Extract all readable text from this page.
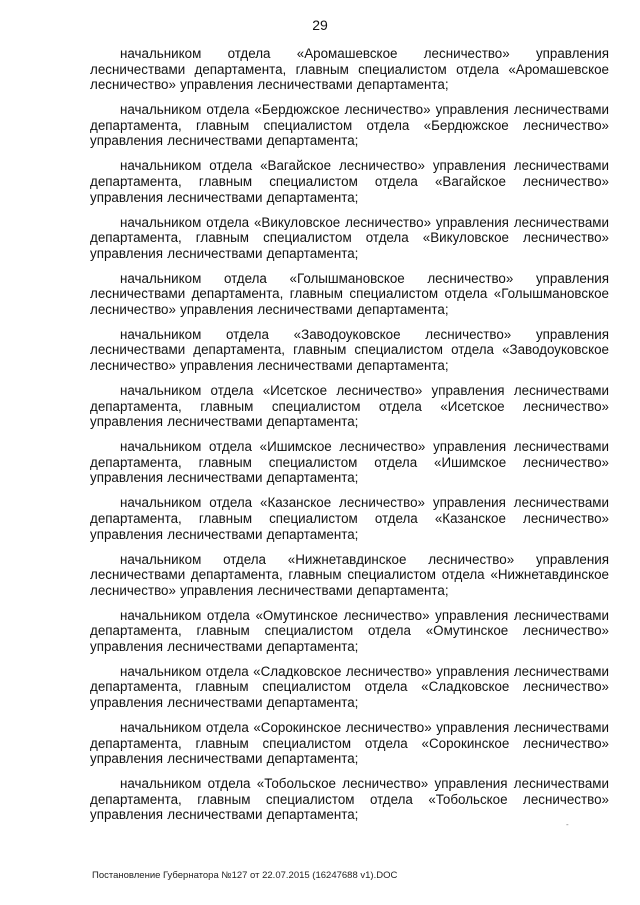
29

начальником отдела «Аромашевское лесничество» управления лесничествами департамента, главным специалистом отдела «Аромашевское лесничество» управления лесничествами департамента;

начальником отдела «Бердюжское лесничество» управления лесничествами департамента, главным специалистом отдела «Бердюжское лесничество» управления лесничествами департамента;

начальником отдела «Вагайское лесничество» управления лесничествами департамента, главным специалистом отдела «Вагайское лесничество» управления лесничествами департамента;

начальником отдела «Викуловское лесничество» управления лесничествами департамента, главным специалистом отдела «Викуловское лесничество» управления лесничествами департамента;

начальником отдела «Голышмановское лесничество» управления лесничествами департамента, главным специалистом отдела «Голышмановское лесничество» управления лесничествами департамента;

начальником отдела «Заводоуковское лесничество» управления лесничествами департамента, главным специалистом отдела «Заводоуковское лесничество» управления лесничествами департамента;

начальником отдела «Исетское лесничество» управления лесничествами департамента, главным специалистом отдела «Исетское лесничество» управления лесничествами департамента;

начальником отдела «Ишимское лесничество» управления лесничествами департамента, главным специалистом отдела «Ишимское лесничество» управления лесничествами департамента;

начальником отдела «Казанское лесничество» управления лесничествами департамента, главным специалистом отдела «Казанское лесничество» управления лесничествами департамента;

начальником отдела «Нижнетавдинское лесничество» управления лесничествами департамента, главным специалистом отдела «Нижнетавдинское лесничество» управления лесничествами департамента;

начальником отдела «Омутинское лесничество» управления лесничествами департамента, главным специалистом отдела «Омутинское лесничество» управления лесничествами департамента;

начальником отдела «Сладковское лесничество» управления лесничествами департамента, главным специалистом отдела «Сладковское лесничество» управления лесничествами департамента;

начальником отдела «Сорокинское лесничество» управления лесничествами департамента, главным специалистом отдела «Сорокинское лесничество» управления лесничествами департамента;

начальником отдела «Тобольское лесничество» управления лесничествами департамента, главным специалистом отдела «Тобольское лесничество» управления лесничествами департамента;

-
Постановление Губернатора №127 от 22.07.2015 (16247688 v1).DOC
